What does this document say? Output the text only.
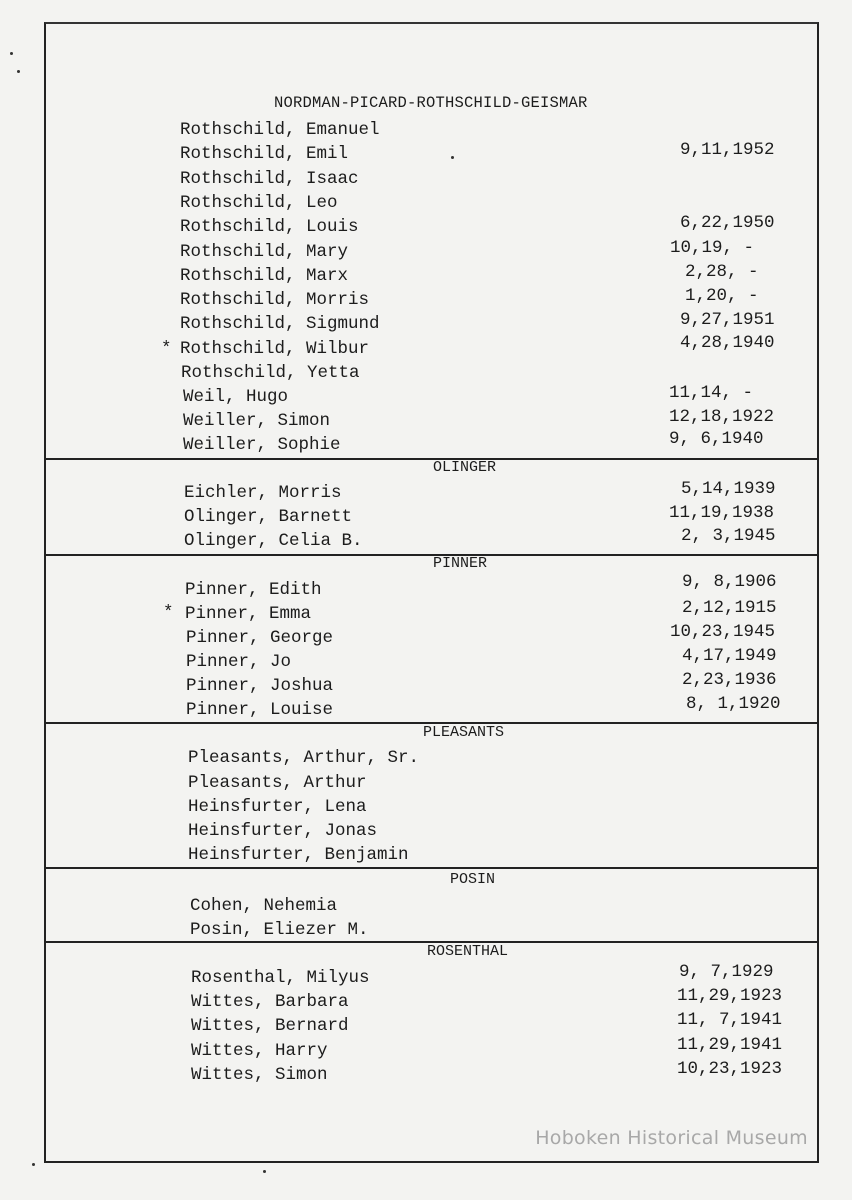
NORDMAN-PICARD-ROTHSCHILD-GEISMAR
Rothschild, Emanuel
Rothschild, Emil	9,11,1952
Rothschild, Isaac
Rothschild, Leo
Rothschild, Louis	6,22,1950
Rothschild, Mary	10,19, -
Rothschild, Marx	2,28, -
Rothschild, Morris	1,20, -
Rothschild, Sigmund	9,27,1951
* Rothschild, Wilbur	4,28,1940
Rothschild, Yetta
Weil, Hugo	11,14, -
Weiller, Simon	12,18,1922
Weiller, Sophie	9, 6,1940
OLINGER
Eichler, Morris	5,14,1939
Olinger, Barnett	11,19,1938
Olinger, Celia B.	2, 3,1945
PINNER
Pinner, Edith	9, 8,1906
* Pinner, Emma	2,12,1915
Pinner, George	10,23,1945
Pinner, Jo	4,17,1949
Pinner, Joshua	2,23,1936
Pinner, Louise	8, 1,1920
PLEASANTS
Pleasants, Arthur, Sr.
Pleasants, Arthur
Heinsfurter, Lena
Heinsfurter, Jonas
Heinsfurter, Benjamin
POSIN
Cohen, Nehemia
Posin, Eliezer M.
ROSENTHAL
Rosenthal, Milyus	9, 7,1929
Wittes, Barbara	11,29,1923
Wittes, Bernard	11, 7,1941
Wittes, Harry	11,29,1941
Wittes, Simon	10,23,1923
Hoboken Historical Museum
